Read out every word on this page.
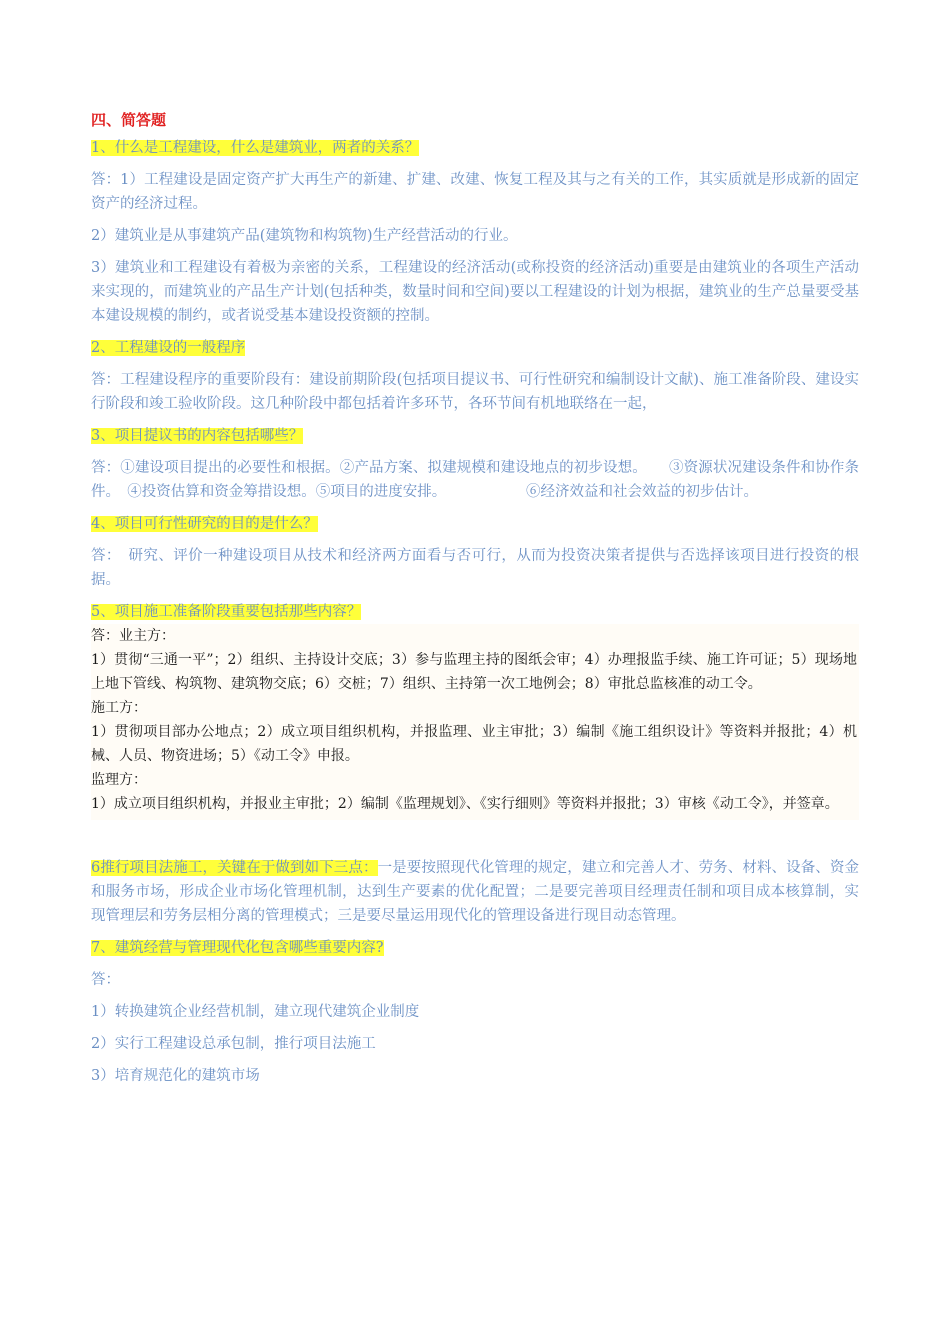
四、简答题
1、什么是工程建设，什么是建筑业，两者的关系？
答：1）工程建设是固定资产扩大再生产的新建、扩建、改建、恢复工程及其与之有关的工作，其实质就是形成新的固定资产的经济过程。
2）建筑业是从事建筑产品(建筑物和构筑物)生产经营活动的行业。
3）建筑业和工程建设有着极为亲密的关系，工程建设的经济活动(或称投资的经济活动)重要是由建筑业的各项生产活动来实现的，而建筑业的产品生产计划(包括种类，数量时间和空间)要以工程建设的计划为根据，建筑业的生产总量要受基本建设规模的制约，或者说受基本建设投资额的控制。
2、工程建设的一般程序
答：工程建设程序的重要阶段有：建设前期阶段(包括项目提议书、可行性研究和编制设计文献)、施工准备阶段、建设实行阶段和竣工验收阶段。这几种阶段中都包括着许多环节，各环节间有机地联络在一起，
3、项目提议书的内容包括哪些？
答：①建设项目提出的必要性和根据。②产品方案、拟建规模和建设地点的初步设想。　　③资源状况建设条件和协作条件。　④投资估算和资金筹措设想。⑤项目的进度安排。　　　　　　⑥经济效益和社会效益的初步估计。
4、项目可行性研究的目的是什么？
答：　研究、评价一种建设项目从技术和经济两方面看与否可行，从而为投资决策者提供与否选择该项目进行投资的根据。
5、项目施工准备阶段重要包括那些内容？

答：业主方：

1）贯彻“三通一平”；2）组织、主持设计交底；3）参与监理主持的图纸会审；4）办理报监手续、施工许可证；5）现场地上地下管线、构筑物、建筑物交底；6）交桩；7）组织、主持第一次工地例会；8）审批总监核准的动工令。

施工方：

1）贯彻项目部办公地点；2）成立项目组织机构，并报监理、业主审批；3）编制《施工组织设计》等资料并报批；4）机械、人员、物资进场；5）《动工令》申报。

监理方：

1）成立项目组织机构，并报业主审批；2）编制《监理规划》、《实行细则》等资料并报批；3）审核《动工令》，并签章。

6推行项目法施工，关键在于做到如下三点：一是要按照现代化管理的规定，建立和完善人才、劳务、材料、设备、资金和服务市场，形成企业市场化管理机制，达到生产要素的优化配置；二是要完善项目经理责任制和项目成本核算制，实现管理层和劳务层相分离的管理模式；三是要尽量运用现代化的管理设备进行现目动态管理。
7、建筑经营与管理现代化包含哪些重要内容?
答：
1）转换建筑企业经营机制，建立现代建筑企业制度
2）实行工程建设总承包制，推行项目法施工
3）培育规范化的建筑市场
